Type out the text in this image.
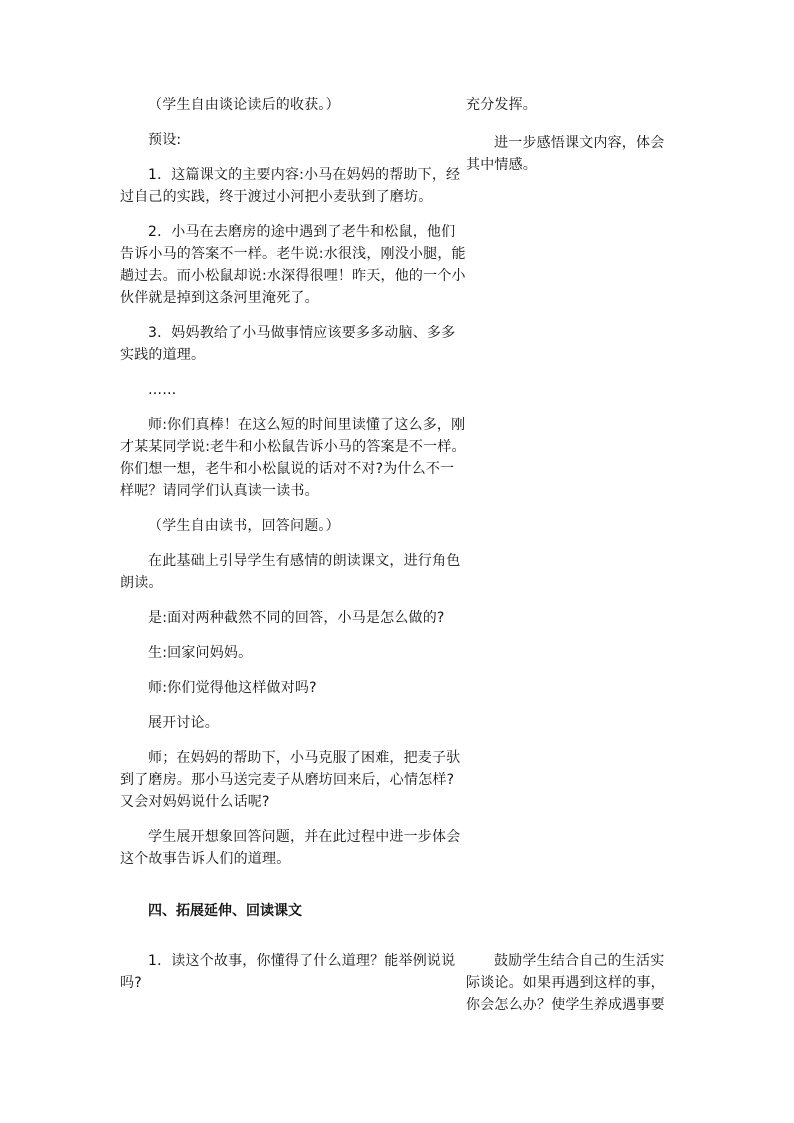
（学生自由谈论读后的收获。）

预设:

1．这篇课文的主要内容:小马在妈妈的帮助下，经过自己的实践，终于渡过小河把小麦驮到了磨坊。

2．小马在去磨房的途中遇到了老牛和松鼠，他们告诉小马的答案不一样。老牛说:水很浅，刚没小腿，能趟过去。而小松鼠却说:水深得很哩！昨天，他的一个小伙伴就是掉到这条河里淹死了。

3．妈妈教给了小马做事情应该要多多动脑、多多实践的道理。

……

师:你们真棒！在这么短的时间里读懂了这么多，刚才某某同学说:老牛和小松鼠告诉小马的答案是不一样。你们想一想，老牛和小松鼠说的话对不对?为什么不一样呢？请同学们认真读一读书。

（学生自由读书，回答问题。）

在此基础上引导学生有感情的朗读课文，进行角色朗读。

是:面对两种截然不同的回答，小马是怎么做的?

生:回家问妈妈。

师:你们觉得他这样做对吗?

展开讨论。

师；在妈妈的帮助下，小马克服了困难，把麦子驮到了磨房。那小马送完麦子从磨坊回来后，心情怎样?又会对妈妈说什么话呢?

学生展开想象回答问题，并在此过程中进一步体会这个故事告诉人们的道理。

四、拓展延伸、回读课文

1．读这个故事，你懂得了什么道理？能举例说说吗?

充分发挥。
进一步感悟课文内容，体会其中情感。
鼓励学生结合自己的生活实际谈论。如果再遇到这样的事，你会怎么办？使学生养成遇事要
